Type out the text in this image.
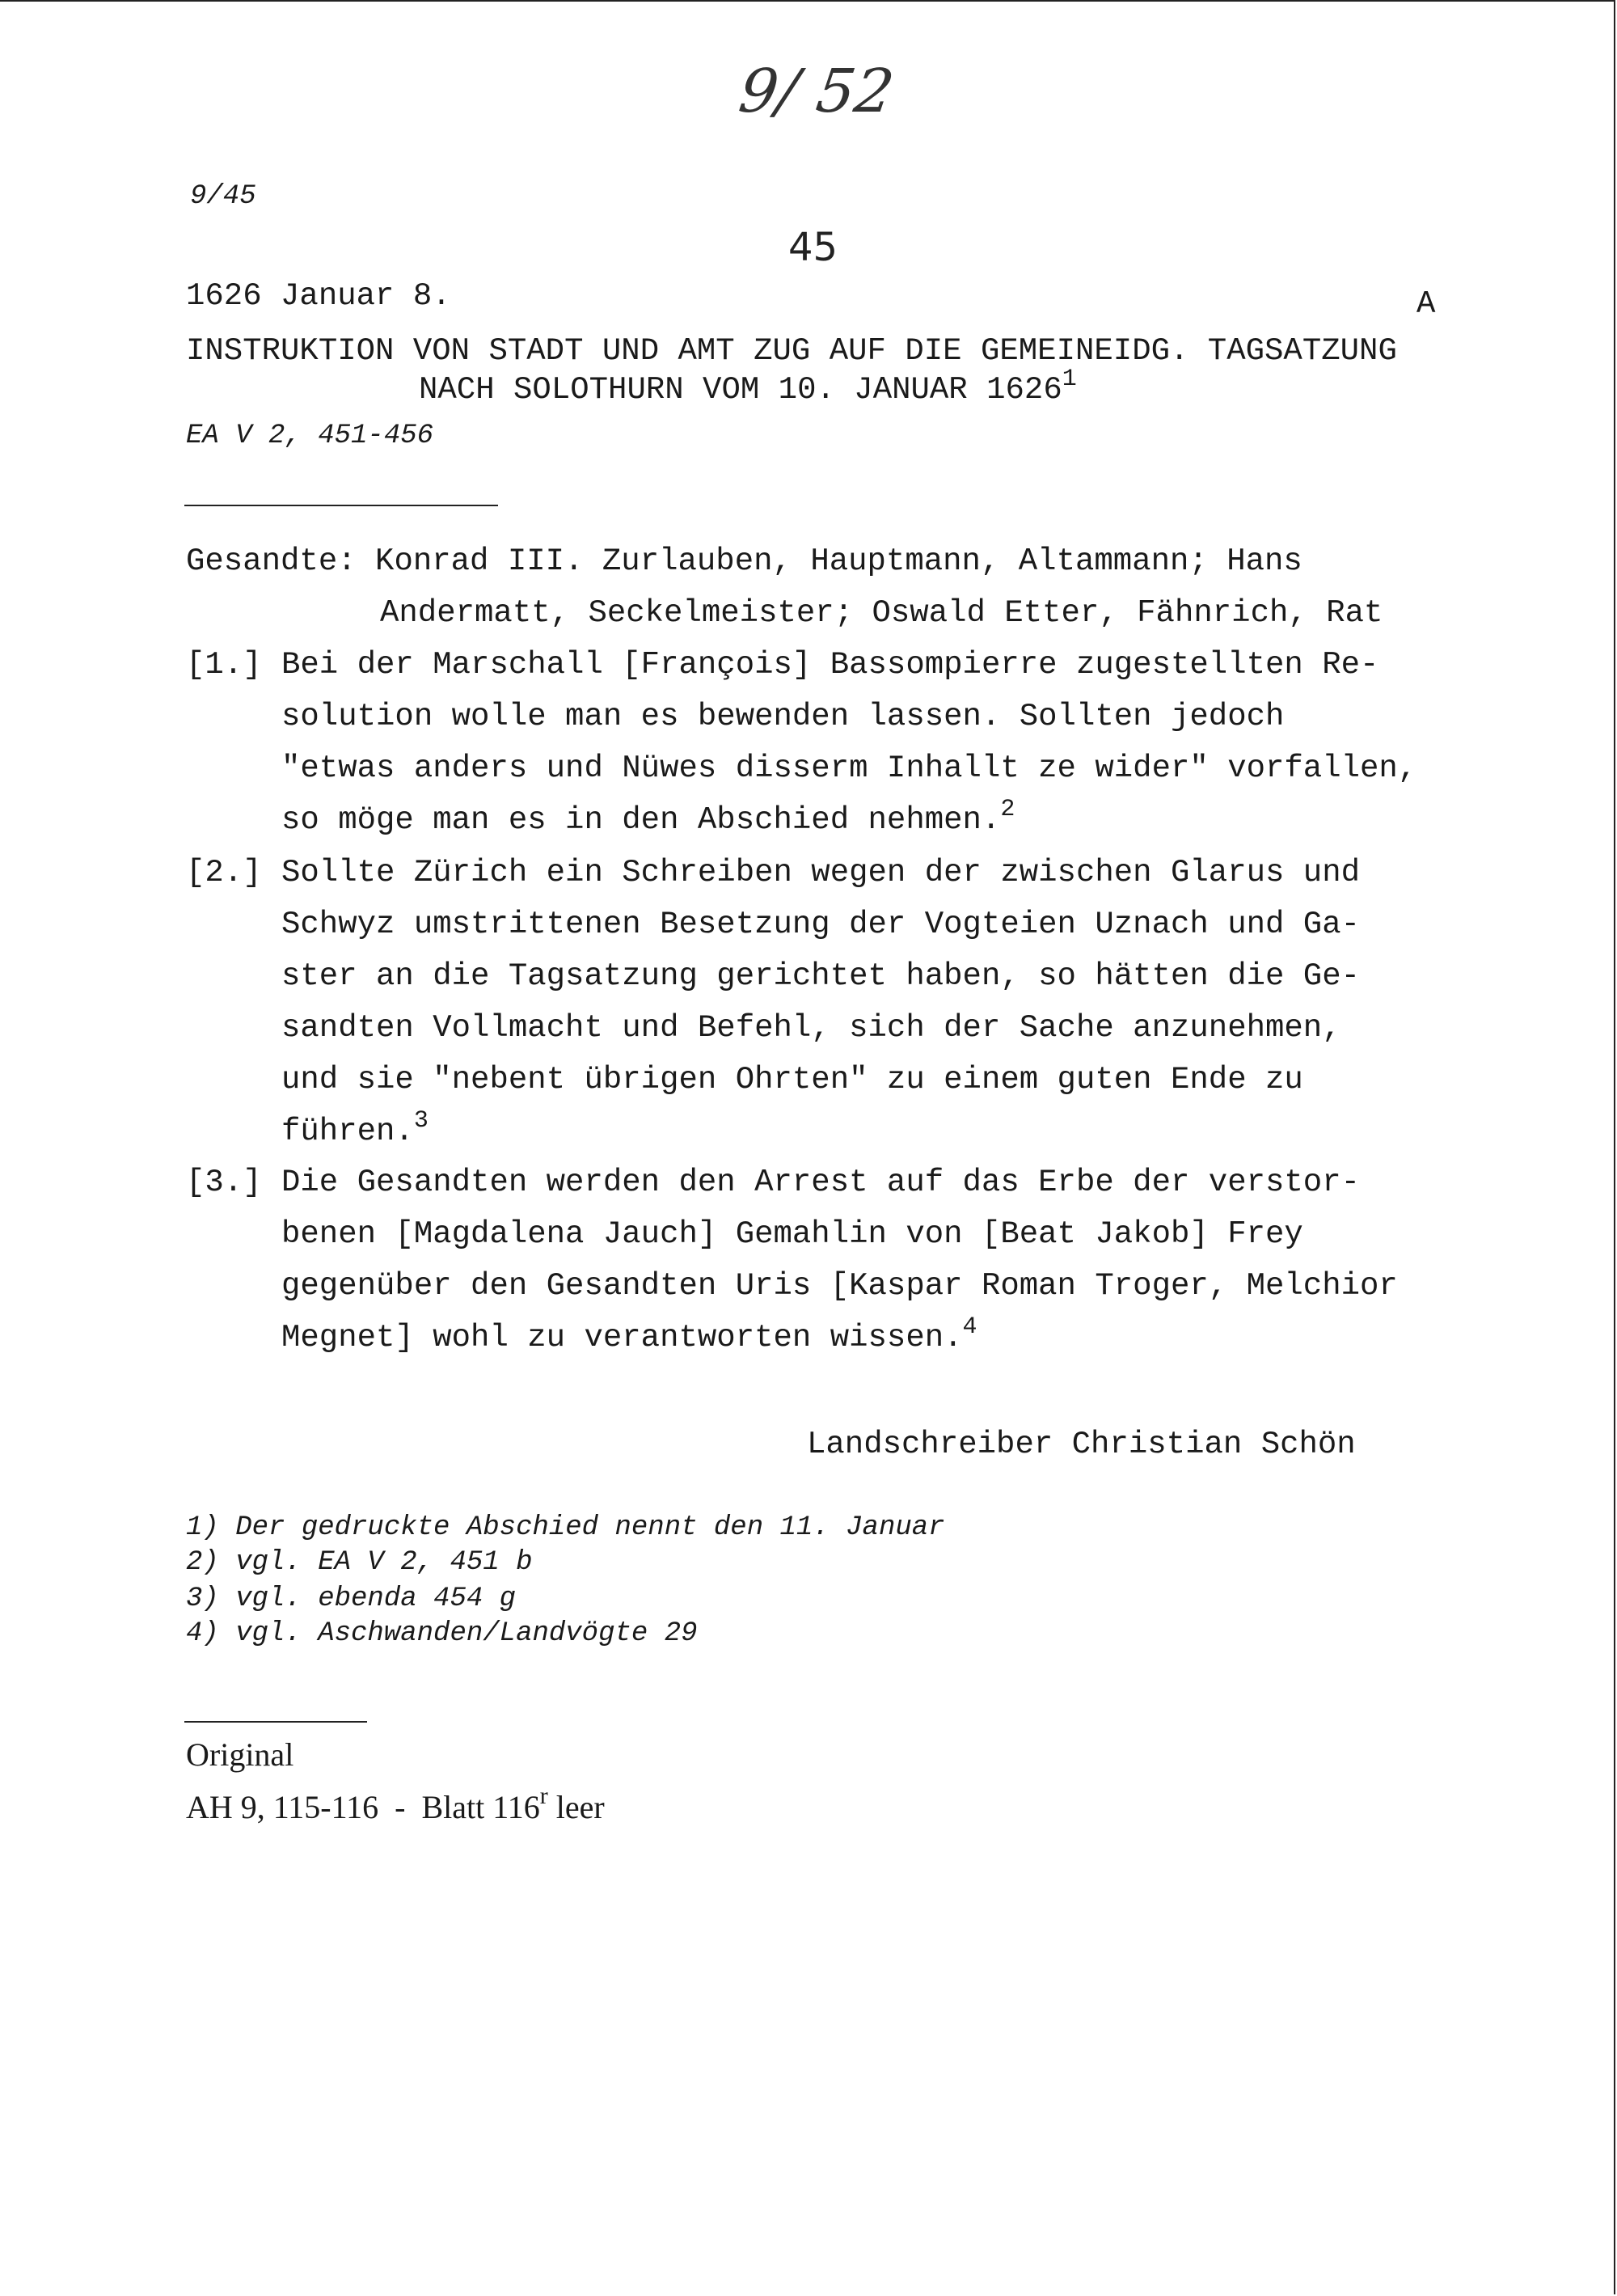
9/ 52
9/45
45
1626 Januar 8.	A
INSTRUKTION VON STADT UND AMT ZUG AUF DIE GEMEINEIDG. TAGSATZUNG
NACH SOLOTHURN VOM 10. JANUAR 1626$^1$
EA V 2, 451-456
Gesandte: Konrad III. Zurlauben, Hauptmann, Altammann; Hans
Andermatt, Seckelmeister; Oswald Etter, Fähnrich, Rat
[1.] Bei der Marschall [François] Bassompierre zugestellten Re-
solution wolle man es bewenden lassen. Sollten jedoch
"etwas anders und Nüwes disserm Inhallt ze wider" vorfallen,
so möge man es in den Abschied nehmen.$^2$
[2.] Sollte Zürich ein Schreiben wegen der zwischen Glarus und
Schwyz umstrittenen Besetzung der Vogteien Uznach und Ga-
ster an die Tagsatzung gerichtet haben, so hätten die Ge-
sandten Vollmacht und Befehl, sich der Sache anzunehmen,
und sie "nebent übrigen Ohrten" zu einem guten Ende zu
führen.$^3$
[3.] Die Gesandten werden den Arrest auf das Erbe der verstor-
benen [Magdalena Jauch] Gemahlin von [Beat Jakob] Frey
gegenüber den Gesandten Uris [Kaspar Roman Troger, Melchior
Megnet] wohl zu verantworten wissen.$^4$
Landschreiber Christian Schön
1) Der gedruckte Abschied nennt den 11. Januar
2) vgl. EA V 2, 451 b
3) vgl. ebenda 454 g
4) vgl. Aschwanden/Landvögte 29
Original
AH 9, 115-116  -  Blatt 116$^r$ leer
